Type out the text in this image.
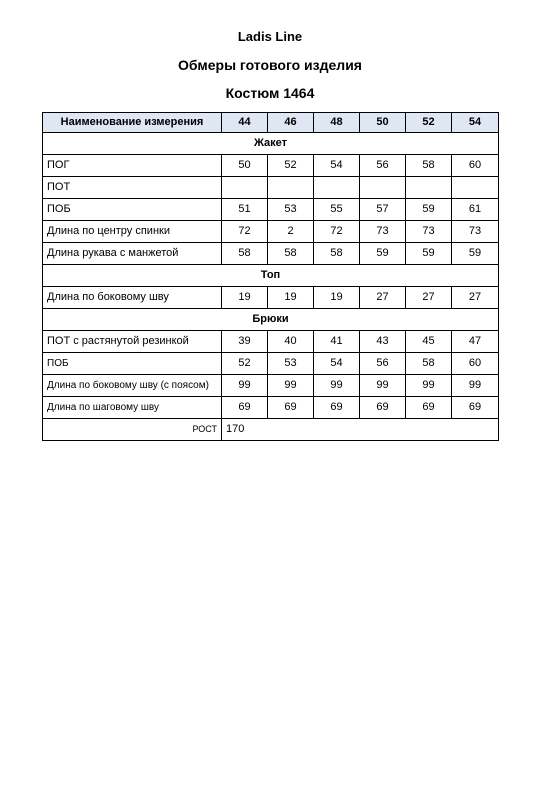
Ladis Line
Обмеры готового изделия
Костюм 1464
Наименование измерения	44	46	48	50	52	54
Жакет						
ПОГ	50	52	54	56	58	60
ПОТ						
ПОБ	51	53	55	57	59	61
Длина по центру спинки	72	2	72	73	73	73
Длина рукава с манжетой	58	58	58	59	59	59
Топ						
Длина по боковому шву	19	19	19	27	27	27
Брюки						
ПОТ с растянутой резинкой	39	40	41	43	45	47
ПОБ	52	53	54	56	58	60
Длина по боковому шву (с поясом)	99	99	99	99	99	99
Длина по шаговому шву	69	69	69	69	69	69
РОСТ	170					
